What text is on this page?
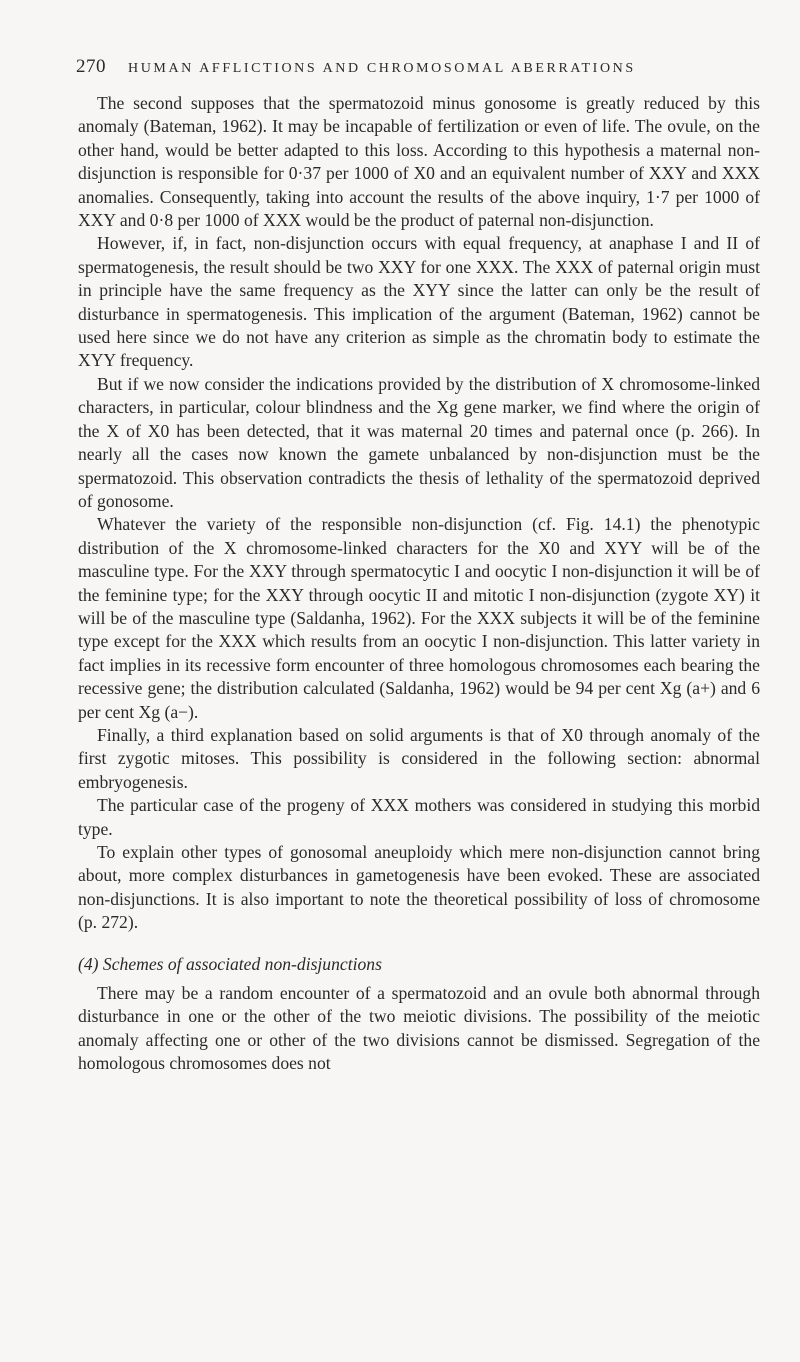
270 HUMAN AFFLICTIONS AND CHROMOSOMAL ABERRATIONS

The second supposes that the spermatozoid minus gonosome is greatly reduced by this anomaly (Bateman, 1962). It may be incapable of fertilization or even of life. The ovule, on the other hand, would be better adapted to this loss. According to this hypothesis a maternal non-disjunction is responsible for 0·37 per 1000 of X0 and an equivalent number of XXY and XXX anomalies. Consequently, taking into account the results of the above inquiry, 1·7 per 1000 of XXY and 0·8 per 1000 of XXX would be the product of paternal non-disjunction.

However, if, in fact, non-disjunction occurs with equal frequency, at anaphase I and II of spermatogenesis, the result should be two XXY for one XXX. The XXX of paternal origin must in principle have the same frequency as the XYY since the latter can only be the result of disturbance in spermatogenesis. This implication of the argument (Bateman, 1962) cannot be used here since we do not have any criterion as simple as the chromatin body to estimate the XYY frequency.

But if we now consider the indications provided by the distribution of X chromosome-linked characters, in particular, colour blindness and the Xg gene marker, we find where the origin of the X of X0 has been detected, that it was maternal 20 times and paternal once (p. 266). In nearly all the cases now known the gamete unbalanced by non-disjunction must be the spermatozoid. This observation contradicts the thesis of lethality of the spermatozoid deprived of gonosome.

Whatever the variety of the responsible non-disjunction (cf. Fig. 14.1) the phenotypic distribution of the X chromosome-linked characters for the X0 and XYY will be of the masculine type. For the XXY through spermatocytic I and oocytic I non-disjunction it will be of the feminine type; for the XXY through oocytic II and mitotic I non-disjunction (zygote XY) it will be of the masculine type (Saldanha, 1962). For the XXX subjects it will be of the feminine type except for the XXX which results from an oocytic I non-disjunction. This latter variety in fact implies in its recessive form encounter of three homologous chromosomes each bearing the recessive gene; the distribution calculated (Saldanha, 1962) would be 94 per cent Xg (a+) and 6 per cent Xg (a−).

Finally, a third explanation based on solid arguments is that of X0 through anomaly of the first zygotic mitoses. This possibility is considered in the following section: abnormal embryogenesis.

The particular case of the progeny of XXX mothers was considered in studying this morbid type.

To explain other types of gonosomal aneuploidy which mere non-disjunction cannot bring about, more complex disturbances in gametogenesis have been evoked. These are associated non-disjunctions. It is also important to note the theoretical possibility of loss of chromosome (p. 272).

(4) Schemes of associated non-disjunctions

There may be a random encounter of a spermatozoid and an ovule both abnormal through disturbance in one or the other of the two meiotic divisions. The possibility of the meiotic anomaly affecting one or other of the two divisions cannot be dismissed. Segregation of the homologous chromosomes does not
